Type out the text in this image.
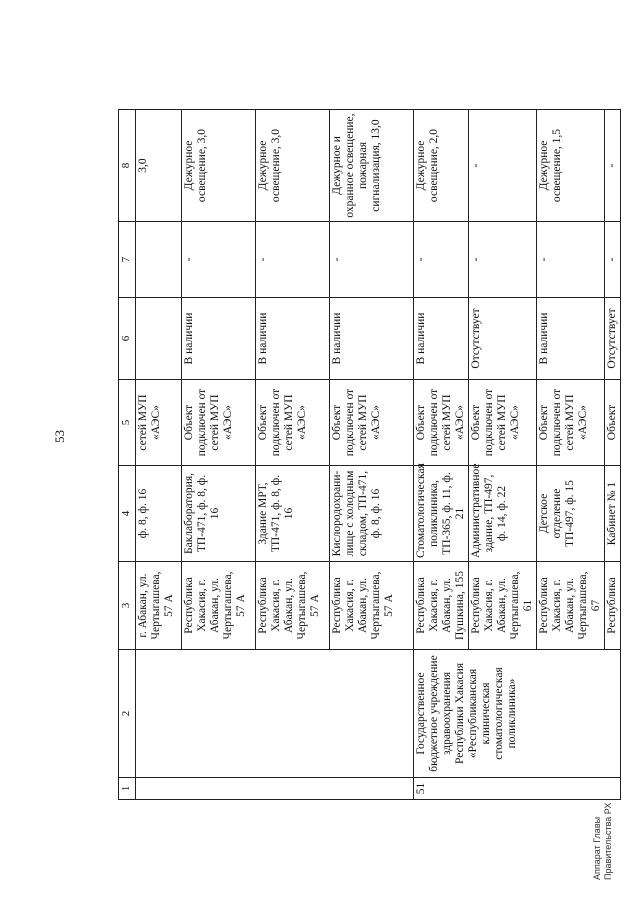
53
1	2	3	4	5	6	7	8
		г. Абакан, ул. Чертыгашева, 57 А	ф. 8, ф. 16	сетей МУП «АЭС»			3,0
		Республика Хакасия, г. Абакан, ул. Чертыгашева, 57 А	Баклаборатория, ТП-471, ф. 8, ф. 16	Объект подключен от сетей МУП «АЭС»	В наличии	-	Дежурное освещение, 3,0
		Республика Хакасия, г. Абакан, ул. Чертыгашева, 57 А	Здание МРТ, ТП-471, ф. 8, ф. 16	Объект подключен от сетей МУП «АЭС»	В наличии	-	Дежурное освещение, 3,0
		Республика Хакасия, г. Абакан, ул. Чертыгашева, 57 А	Кислородохрани-лище с холодным складом, ТП-471, ф. 8, ф. 16	Объект подключен от сетей МУП «АЭС»	В наличии	-	Дежурное и охранное освещение, пожарная сигнализация, 13,0
51	Государственное бюджетное учреждение здравоохранения Республики Хакасия «Республиканская клиническая стоматологическая поликлиника»	Республика Хакасия, г. Абакан, ул. Пушкина, 155	Стоматологическая поликлиника, ТП-365, ф. 11, ф. 21	Объект подключен от сетей МУП «АЭС»	В наличии	-	Дежурное освещение, 2,0
		Республика Хакасия, г. Абакан, ул. Чертыгашева, 61	Административное здание, ТП-497, ф. 14, ф. 22	Объект подключен от сетей МУП «АЭС»	Отсутствует	-	-
		Республика Хакасия, г. Абакан, ул. Чертыгашева, 67	Детское отделение ТП-497, ф. 15	Объект подключен от сетей МУП «АЭС»	В наличии	-	Дежурное освещение, 1,5
		Республика	Кабинет № 1	Объект	Отсутствует	-	-
Аппарат Главы Правительства РХ
